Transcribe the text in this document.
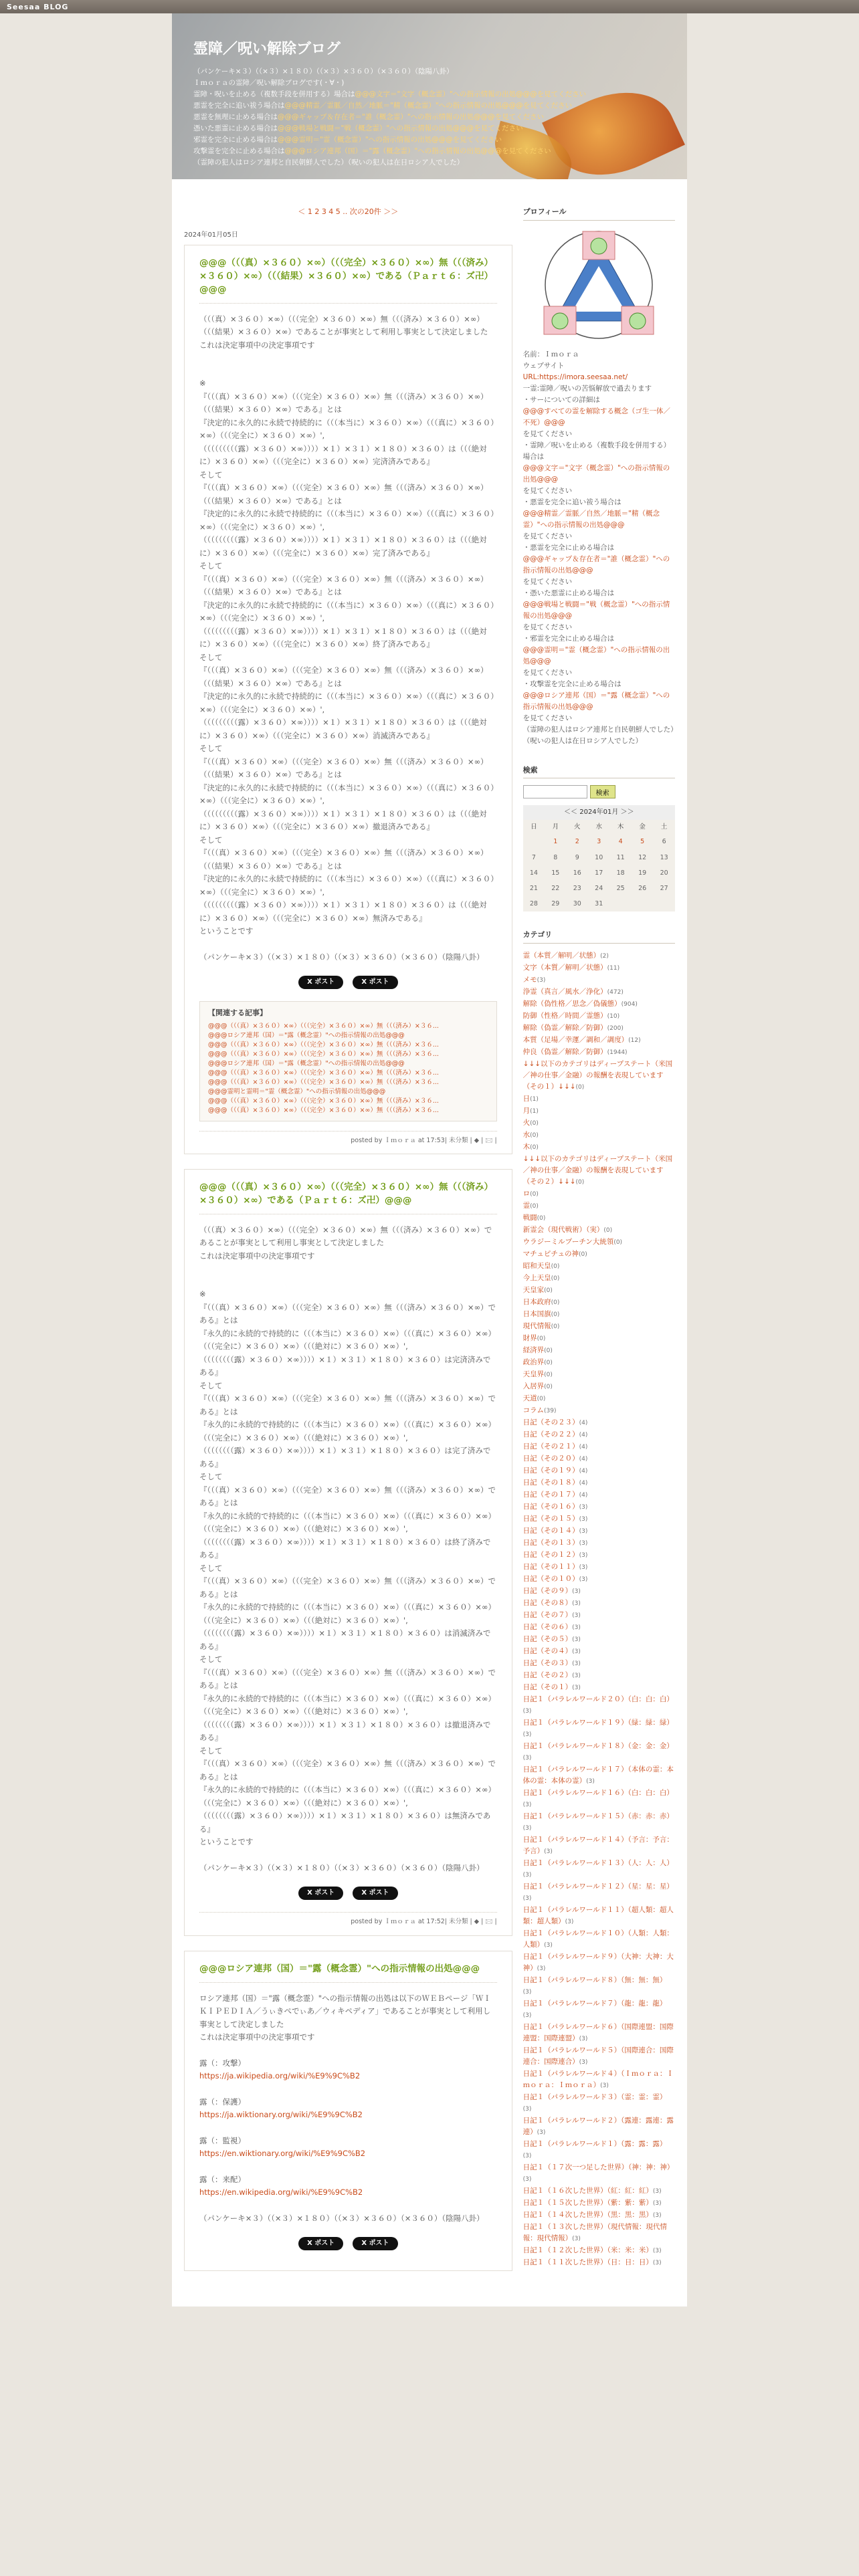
Seesaa BLOG
霊障／呪い解除ブログ
（パンケーキ×３）（（×３）×１８０）（（×３）×３６０）（×３６０）（陰陽八卦）
Ｉｍｏｒａの霊障／呪い解除ブログです(・∀・)
霊障・呪いを止める（複数手段を併用する）場合は@@@文字＝"文字（概念霊）"への指示情報の出処@@@を見てください
悪霊を完全に追い祓う場合は@@@精霊／霊脈／自然／地脈＝"精（概念霊）"への指示情報の出処@@@を見てください
悪霊を無理に止める場合は@@@ギャップ＆存在者＝"誰（概念霊）"への指示情報の出処@@@を見てください
憑いた悪霊に止める場合は@@@戦場と戦闘＝"戦（概念霊）"への指示情報の出処@@@を見てください
邪霊を完全に止める場合は@@@霊明＝"霊（概念霊）"への指示情報の出処@@@を見てください
攻撃霊を完全に止める場合は@@@ロシア連邦（国）＝"露（概念霊）"への指示情報の出処@@@を見てください
（霊障の犯人はロシア連邦と自民朝鮮人でした）（呪いの犯人は在日ロシア人でした）
＜ 1 2 3 4 5 .. 次の20件 ＞＞
2024年01月05日
@@@（（（真）×３６０）×∞）（（（完全）×３６０）×∞）無（（（済み）×３６０）×∞）（（（結果）×３６０）×∞）である（Ｐａｒｔ６：ズ卍）@@@

（（（真）×３６０）×∞）（（（完全）×３６０）×∞）無（（（済み）×３６０）×∞）（（（結果）×３６０）×∞）であることが事実として利用し事実として決定しました

これは決定事項中の決定事項です

※

『（（（真）×３６０）×∞）（（（完全）×３６０）×∞）無（（（済み）×３６０）×∞）（（（結果）×３６０）×∞）である』とは

『決定的に永久的に永続で持続的に（（（本当に）×３６０）×∞）（（（真に）×３６０）×∞）（（（完全に）×３６０）×∞）',

（（（（（（（（（露）×３６０）×∞））））×１）×３１）×１８０）×３６０）は（（（絶対に）×３６０）×∞）（（（完全に）×３６０）×∞）完済済みである』

そして

『（（（真）×３６０）×∞）（（（完全）×３６０）×∞）無（（（済み）×３６０）×∞）（（（結果）×３６０）×∞）である』とは

『決定的に永久的に永続で持続的に（（（本当に）×３６０）×∞）（（（真に）×３６０）×∞）（（（完全に）×３６０）×∞）',

（（（（（（（（（露）×３６０）×∞））））×１）×３１）×１８０）×３６０）は（（（絶対に）×３６０）×∞）（（（完全に）×３６０）×∞）完了済みである』

そして

『（（（真）×３６０）×∞）（（（完全）×３６０）×∞）無（（（済み）×３６０）×∞）（（（結果）×３６０）×∞）である』とは

『決定的に永久的に永続で持続的に（（（本当に）×３６０）×∞）（（（真に）×３６０）×∞）（（（完全に）×３６０）×∞）',

（（（（（（（（（露）×３６０）×∞））））×１）×３１）×１８０）×３６０）は（（（絶対に）×３６０）×∞）（（（完全に）×３６０）×∞）終了済みである』

そして

『（（（真）×３６０）×∞）（（（完全）×３６０）×∞）無（（（済み）×３６０）×∞）（（（結果）×３６０）×∞）である』とは

『決定的に永久的に永続で持続的に（（（本当に）×３６０）×∞）（（（真に）×３６０）×∞）（（（完全に）×３６０）×∞）',

（（（（（（（（（露）×３６０）×∞））））×１）×３１）×１８０）×３６０）は（（（絶対に）×３６０）×∞）（（（完全に）×３６０）×∞）消滅済みである』

そして

『（（（真）×３６０）×∞）（（（完全）×３６０）×∞）無（（（済み）×３６０）×∞）（（（結果）×３６０）×∞）である』とは

『決定的に永久的に永続で持続的に（（（本当に）×３６０）×∞）（（（真に）×３６０）×∞）（（（完全に）×３６０）×∞）',

（（（（（（（（（露）×３６０）×∞））））×１）×３１）×１８０）×３６０）は（（（絶対に）×３６０）×∞）（（（完全に）×３６０）×∞）撤退済みである』

そして

『（（（真）×３６０）×∞）（（（完全）×３６０）×∞）無（（（済み）×３６０）×∞）（（（結果）×３６０）×∞）である』とは

『決定的に永久的に永続で持続的に（（（本当に）×３６０）×∞）（（（真に）×３６０）×∞）（（（完全に）×３６０）×∞）',

（（（（（（（（（露）×３６０）×∞））））×１）×３１）×１８０）×３６０）は（（（絶対に）×３６０）×∞）（（（完全に）×３６０）×∞）無済みである』

ということです

（パンケーキ×３）（（×３）×１８０）（（×３）×３６０）（×３６０）（陰陽八卦）

X ポスト	X ポスト
【関連する記事】
@@@（（（真）×３６０）×∞）（（（完全）×３６０）×∞）無（（（済み）×３６...
@@@ロシア連邦（国）＝"露（概念霊）"への指示情報の出処@@@
@@@（（（真）×３６０）×∞）（（（完全）×３６０）×∞）無（（（済み）×３６...
@@@（（（真）×３６０）×∞）（（（完全）×３６０）×∞）無（（（済み）×３６...
@@@ロシア連邦（国）＝"露（概念霊）"への指示情報の出処@@@
@@@（（（真）×３６０）×∞）（（（完全）×３６０）×∞）無（（（済み）×３６...
@@@（（（真）×３６０）×∞）（（（完全）×３６０）×∞）無（（（済み）×３６...
@@@霊明と霊明＝"霊（概念霊）"への指示情報の出処@@@
@@@（（（真）×３６０）×∞）（（（完全）×３６０）×∞）無（（（済み）×３６...
@@@（（（真）×３６０）×∞）（（（完全）×３６０）×∞）無（（（済み）×３６...
posted by Ｉｍｏｒａ at 17:53| 未分類 | ◆ | 🖂 |
@@@（（（真）×３６０）×∞）（（（完全）×３６０）×∞）無（（（済み）×３６０）×∞）である（Ｐａｒｔ６：ズ卍）@@@

（（（真）×３６０）×∞）（（（完全）×３６０）×∞）無（（（済み）×３６０）×∞）であることが事実として利用し事実として決定しました

これは決定事項中の決定事項です

※

『（（（真）×３６０）×∞）（（（完全）×３６０）×∞）無（（（済み）×３６０）×∞）である』とは

『永久的に永続的で持続的に（（（本当に）×３６０）×∞）（（（真に）×３６０）×∞）（（（完全に）×３６０）×∞）（（（絶対に）×３６０）×∞）',

（（（（（（（（露）×３６０）×∞））））×１）×３１）×１８０）×３６０）は完済済みである』

そして

『（（（真）×３６０）×∞）（（（完全）×３６０）×∞）無（（（済み）×３６０）×∞）である』とは

『永久的に永続的で持続的に（（（本当に）×３６０）×∞）（（（真に）×３６０）×∞）（（（完全に）×３６０）×∞）（（（絶対に）×３６０）×∞）',

（（（（（（（（露）×３６０）×∞））））×１）×３１）×１８０）×３６０）は完了済みである』

そして

『（（（真）×３６０）×∞）（（（完全）×３６０）×∞）無（（（済み）×３６０）×∞）である』とは

『永久的に永続的で持続的に（（（本当に）×３６０）×∞）（（（真に）×３６０）×∞）（（（完全に）×３６０）×∞）（（（絶対に）×３６０）×∞）',

（（（（（（（（露）×３６０）×∞））））×１）×３１）×１８０）×３６０）は終了済みである』

そして

『（（（真）×３６０）×∞）（（（完全）×３６０）×∞）無（（（済み）×３６０）×∞）である』とは

『永久的に永続的で持続的に（（（本当に）×３６０）×∞）（（（真に）×３６０）×∞）（（（完全に）×３６０）×∞）（（（絶対に）×３６０）×∞）',

（（（（（（（（露）×３６０）×∞））））×１）×３１）×１８０）×３６０）は消滅済みである』

そして

『（（（真）×３６０）×∞）（（（完全）×３６０）×∞）無（（（済み）×３６０）×∞）である』とは

『永久的に永続的で持続的に（（（本当に）×３６０）×∞）（（（真に）×３６０）×∞）（（（完全に）×３６０）×∞）（（（絶対に）×３６０）×∞）',

（（（（（（（（露）×３６０）×∞））））×１）×３１）×１８０）×３６０）は撤退済みである』

そして

『（（（真）×３６０）×∞）（（（完全）×３６０）×∞）無（（（済み）×３６０）×∞）である』とは

『永久的に永続的で持続的に（（（本当に）×３６０）×∞）（（（真に）×３６０）×∞）（（（完全に）×３６０）×∞）（（（絶対に）×３６０）×∞）',

（（（（（（（（露）×３６０）×∞））））×１）×３１）×１８０）×３６０）は無済みである』

ということです

（パンケーキ×３）（（×３）×１８０）（（×３）×３６０）（×３６０）（陰陽八卦）

X ポスト	X ポスト
posted by Ｉｍｏｒａ at 17:52| 未分類 | ◆ | 🖂 |
@@@ロシア連邦（国）＝"露（概念霊）"への指示情報の出処@@@

ロシア連邦（国）＝"露（概念霊）"への指示情報の出処は以下のＷＥＢページ「ＷＩＫＩＰＥＤＩＡ／うぃきぺでぃあ／ウィキペディア」であることが事実として利用し事実として決定しました

これは決定事項中の決定事項です

露（：攻撃）

https://ja.wikipedia.org/wiki/%E9%9C%B2

露（：保護）

https://ja.wiktionary.org/wiki/%E9%9C%B2

露（：監視）

https://en.wiktionary.org/wiki/%E9%9C%B2

露（：来配）

https://en.wikipedia.org/wiki/%E9%9C%B2

（パンケーキ×３）（（×３）×１８０）（（×３）×３６０）（×３６０）（陰陽八卦）

X ポスト	X ポスト
プロフィール
名前：Ｉｍｏｒａ
ウェブサイト
URL:https://imora.seesaa.net/
一霊:霊障／呪いの苦悩解放で過去ります
・サーについての詳細は
@@@すべての霊を解除する概念（ゴ生一体／不死）@@@
を見てください
・霊障／呪いを止める（複数手段を併用する）場合は
@@@文字＝"文字（概念霊）"への指示情報の出処@@@
を見てください
・悪霊を完全に追い祓う場合は
@@@精霊／霊脈／自然／地脈＝"精（概念霊）"への指示情報の出処@@@
を見てください
・悪霊を完全に止める場合は
@@@ギャップ＆存在者＝"誰（概念霊）"への指示情報の出処@@@
を見てください
・憑いた悪霊に止める場合は
@@@戦場と戦闘＝"戦（概念霊）"への指示情報の出処@@@
を見てください
・邪霊を完全に止める場合は
@@@霊明＝"霊（概念霊）"への指示情報の出処@@@
を見てください
・攻撃霊を完全に止める場合は
@@@ロシア連邦（国）＝"露（概念霊）"への指示情報の出処@@@
を見てください
（霊障の犯人はロシア連邦と自民朝鮮人でした）
（呪いの犯人は在日ロシア人でした）
検索
検索
＜＜ 2024年01月 ＞＞						
日	月	火	水	木	金	土
	1	2	3	4	5	6
7	8	9	10	11	12	13
14	15	16	17	18	19	20
21	22	23	24	25	26	27
28	29	30	31			
カテゴリ
霊（本質／解明／状態）(2)
文字（本質／解明／状態）(11)
メモ(3)
浄霊（真言／風水／浄化）(472)
解除（偽性格／思念／偽儀態）(904)
防御（性格／時間／霊態）(10)
解除（偽霊／解除／防御）(200)
本質（足場／幸運／調和／調度）(12)
仲良（偽霊／解除／防御）(1944)
↓↓↓以下のカテゴリはディープステート（米国／神の仕事／金融）の報酬を表現しています（その１）↓↓↓(0)
日(1)
月(1)
火(0)
水(0)
木(0)
↓↓↓以下のカテゴリはディープステート（米国／神の仕事／金融）の報酬を表現しています（その２）↓↓↓(0)
ロ(0)
霊(0)
戦闘(0)
新霊会（現代戦術）（実）(0)
ウラジーミルプーチン大統領(0)
マチュピチュの神(0)
昭和天皇(0)
今上天皇(0)
天皇家(0)
日本政府(0)
日本国旗(0)
現代情報(0)
財界(0)
経済界(0)
政治界(0)
天皇界(0)
入居界(0)
天道(0)
コラム(39)
日記（その２３）(4)
日記（その２２）(4)
日記（その２１）(4)
日記（その２０）(4)
日記（その１９）(4)
日記（その１８）(4)
日記（その１７）(4)
日記（その１６）(3)
日記（その１５）(3)
日記（その１４）(3)
日記（その１３）(3)
日記（その１２）(3)
日記（その１１）(3)
日記（その１０）(3)
日記（その９）(3)
日記（その８）(3)
日記（その７）(3)
日記（その６）(3)
日記（その５）(3)
日記（その４）(3)
日記（その３）(3)
日記（その２）(3)
日記（その１）(3)
日記１（パラレルワールド２０）（白：白：白）(3)
日記１（パラレルワールド１９）（緑：緑：緑）(3)
日記１（パラレルワールド１８）（金：金：金）(3)
日記１（パラレルワールド１７）（本体の霊：本体の霊：本体の霊）(3)
日記１（パラレルワールド１６）（白：白：白）(3)
日記１（パラレルワールド１５）（赤：赤：赤）(3)
日記１（パラレルワールド１４）（予言：予言：予言）(3)
日記１（パラレルワールド１３）（人：人：人）(3)
日記１（パラレルワールド１２）（星：星：星）(3)
日記１（パラレルワールド１１）（超人類：超人類：超人類）(3)
日記１（パラレルワールド１０）（人類：人類：人類）(3)
日記１（パラレルワールド９）（大神：大神：大神）(3)
日記１（パラレルワールド８）（無：無：無）(3)
日記１（パラレルワールド７）（龍：龍：龍）(3)
日記１（パラレルワールド６）（国際連盟：国際連盟：国際連盟）(3)
日記１（パラレルワールド５）（国際連合：国際連合：国際連合）(3)
日記１（パラレルワールド４）（Ｉｍｏｒａ：Ｉｍｏｒａ：Ｉｍｏｒａ）(3)
日記１（パラレルワールド３）（霊：霊：霊）(3)
日記１（パラレルワールド２）（露連：露連：露連）(3)
日記１（パラレルワールド１）（露：露：露）(3)
日記１（１７次一つ足した世界）（神：神：神）(3)
日記１（１６次した世界）（紅：紅：紅）(3)
日記１（１５次した世界）（紫：紫：紫）(3)
日記１（１４次した世界）（黒：黒：黒）(3)
日記１（１３次した世界）（現代情報：現代情報：現代情報）(3)
日記１（１２次した世界）（米：米：米）(3)
日記１（１１次した世界）（日：日：日）(3)
